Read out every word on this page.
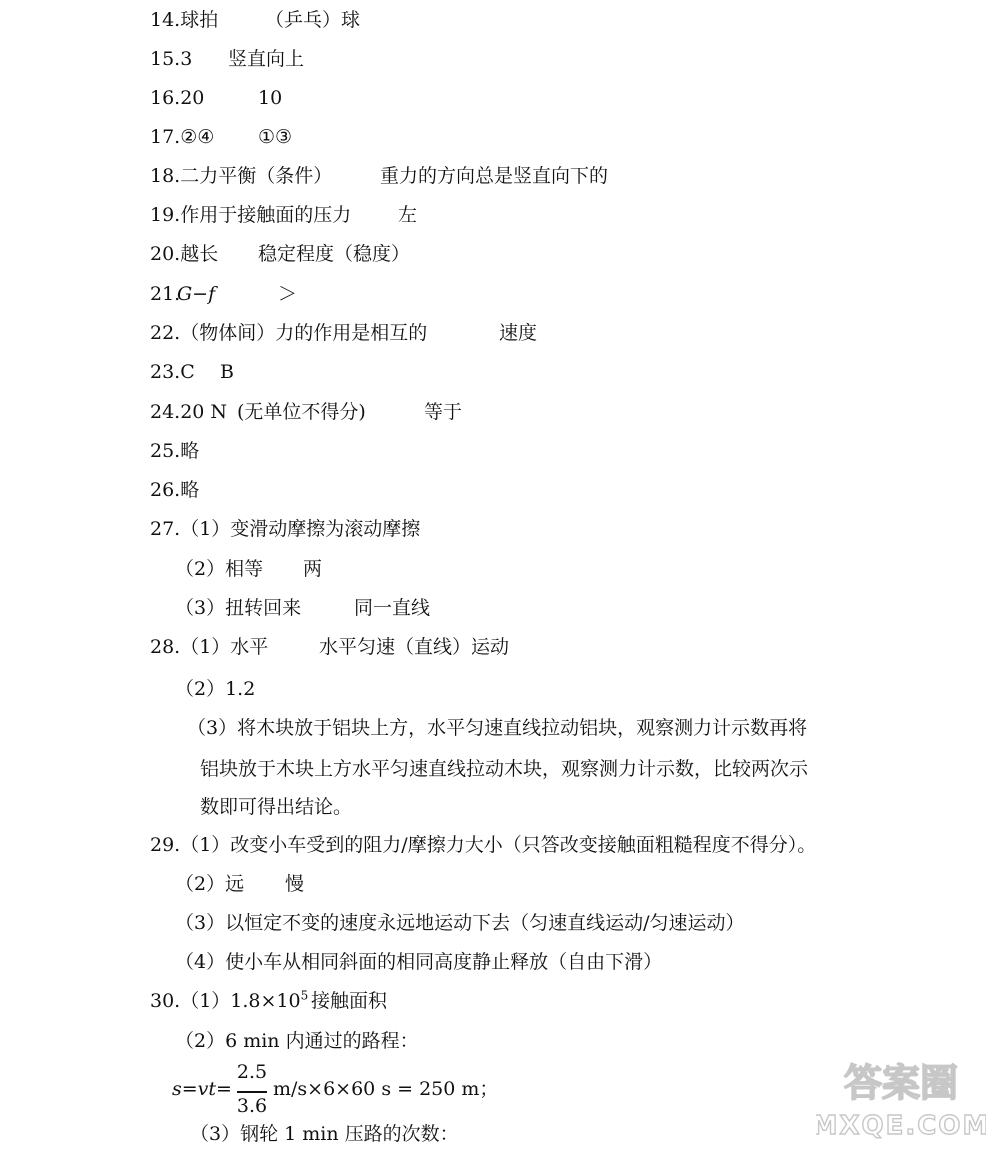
14.球拍 （乒乓）球
15.3 竖直向上
16.20	10
17.②④ ①③
18.二力平衡（条件）	重力的方向总是竖直向下的
19.作用于接触面的压力 左
20.越长 稳定程度（稳度）
21.
G−f	＞
22.（物体间）力的作用是相互的	速度
23.C B
24.20 N (无单位不得分)	等于
25.略
26.略
27.（1）变滑动摩擦为滚动摩擦
（2）相等 两
（3）扭转回来	同一直线
28.（1）水平	水平匀速（直线）运动
（2）1.2
（3）将木块放于铝块上方，水平匀速直线拉动铝块，观察测力计示数再将
铝块放于木块上方水平匀速直线拉动木块，观察测力计示数，比较两次示
数即可得出结论。
29.（1）改变小车受到的阻力/摩擦力大小（只答改变接触面粗糙程度不得分）。
（2）远 慢
（3）以恒定不变的速度永远地运动下去（匀速直线运动/匀速运动）
（4）使小车从相同斜面的相同高度静止释放（自由下滑）
$30.(1)1.8\times 10^5$ 接触面积
（2）6 min 内通过的路程：
s=vt= m/s×6×60 s = 250 m；
2.5
3.6
（3）钢轮 1 min 压路的次数：
答案圈
MXQE.COM
